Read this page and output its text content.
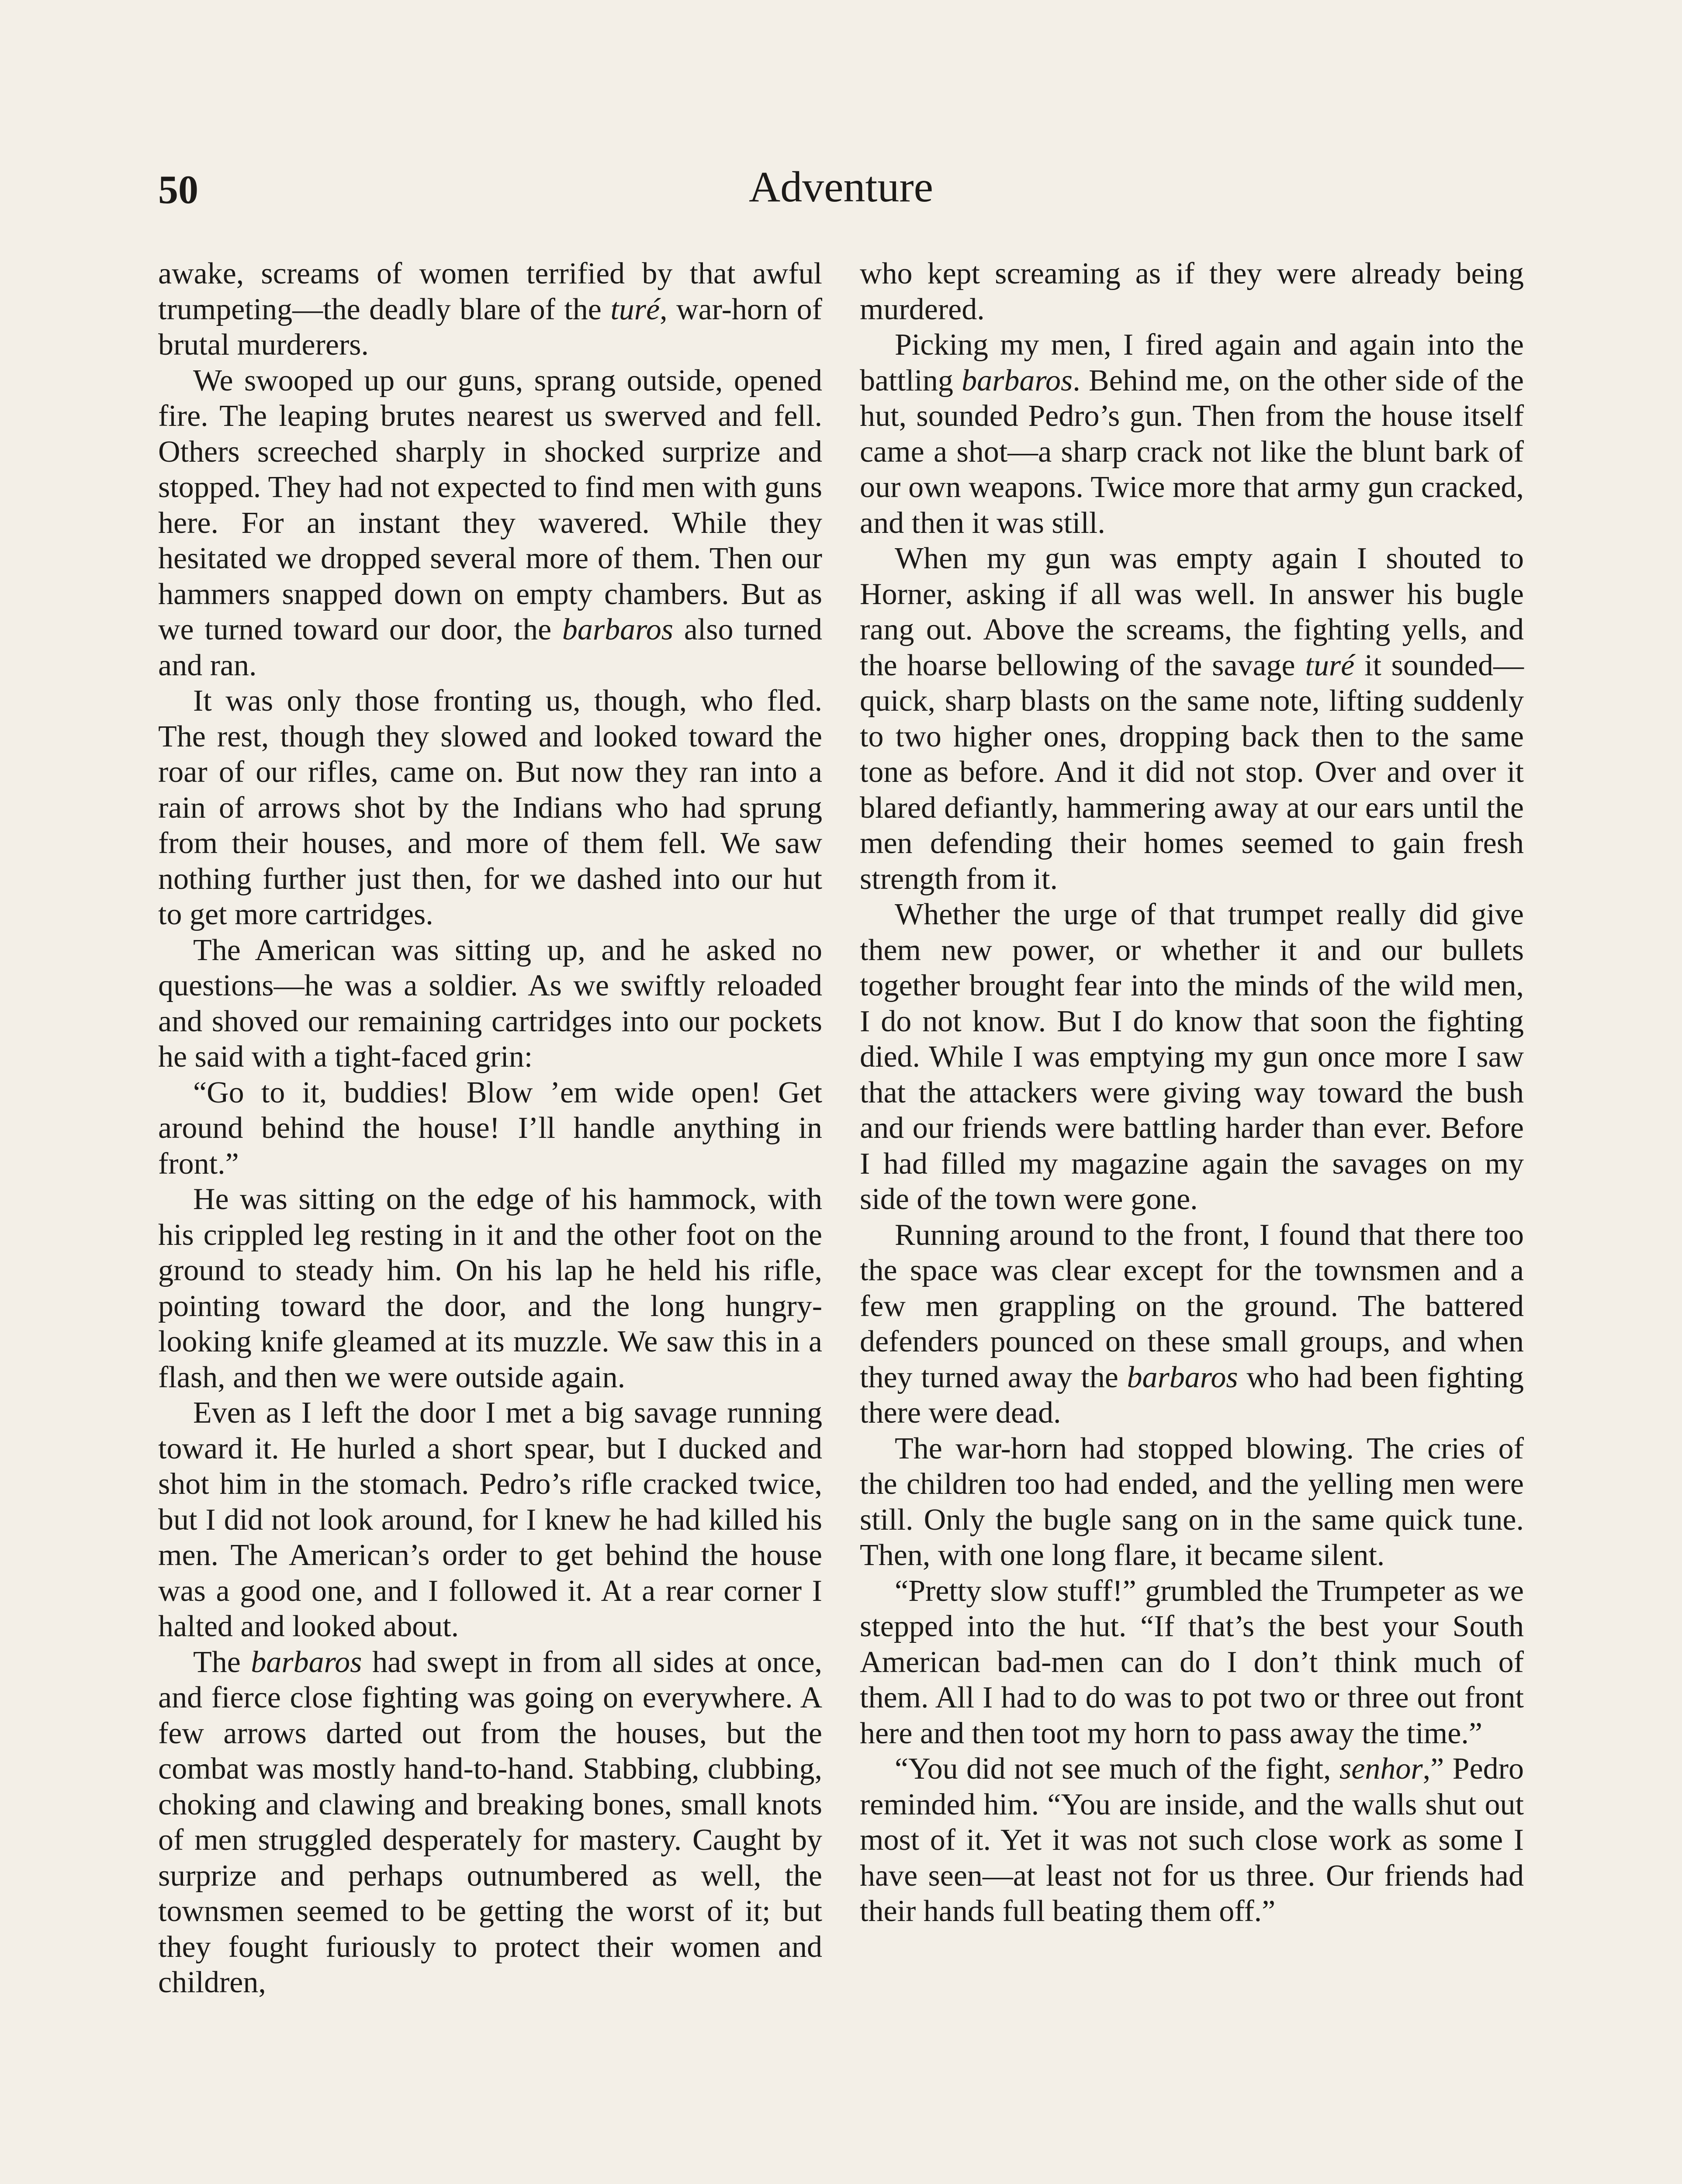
50	Adventure

awake, screams of women terrified by that awful trumpeting—the deadly blare of the turé, war-horn of brutal murderers.

We swooped up our guns, sprang outside, opened fire. The leaping brutes nearest us swerved and fell. Others screeched sharply in shocked surprize and stopped. They had not expected to find men with guns here. For an instant they wavered. While they hesitated we dropped several more of them. Then our hammers snapped down on empty chambers. But as we turned toward our door, the barbaros also turned and ran.

It was only those fronting us, though, who fled. The rest, though they slowed and looked toward the roar of our rifles, came on. But now they ran into a rain of arrows shot by the Indians who had sprung from their houses, and more of them fell. We saw nothing further just then, for we dashed into our hut to get more cartridges.

The American was sitting up, and he asked no questions—he was a soldier. As we swiftly reloaded and shoved our remaining cartridges into our pockets he said with a tight-faced grin:

“Go to it, buddies! Blow ’em wide open! Get around behind the house! I’ll handle anything in front.”

He was sitting on the edge of his hammock, with his crippled leg resting in it and the other foot on the ground to steady him. On his lap he held his rifle, pointing toward the door, and the long hungry-looking knife gleamed at its muzzle. We saw this in a flash, and then we were outside again.

Even as I left the door I met a big savage running toward it. He hurled a short spear, but I ducked and shot him in the stomach. Pedro’s rifle cracked twice, but I did not look around, for I knew he had killed his men. The American’s order to get behind the house was a good one, and I followed it. At a rear corner I halted and looked about.

The barbaros had swept in from all sides at once, and fierce close fighting was going on everywhere. A few arrows darted out from the houses, but the combat was mostly hand-to-hand. Stabbing, clubbing, choking and clawing and breaking bones, small knots of men struggled desperately for mastery. Caught by surprize and perhaps outnumbered as well, the townsmen seemed to be getting the worst of it; but they fought furiously to protect their women and children,

who kept screaming as if they were already being murdered.

Picking my men, I fired again and again into the battling barbaros. Behind me, on the other side of the hut, sounded Pedro’s gun. Then from the house itself came a shot—a sharp crack not like the blunt bark of our own weapons. Twice more that army gun cracked, and then it was still.

When my gun was empty again I shouted to Horner, asking if all was well. In answer his bugle rang out. Above the screams, the fighting yells, and the hoarse bellowing of the savage turé it sounded—quick, sharp blasts on the same note, lifting suddenly to two higher ones, dropping back then to the same tone as before. And it did not stop. Over and over it blared defiantly, hammering away at our ears until the men defending their homes seemed to gain fresh strength from it.

Whether the urge of that trumpet really did give them new power, or whether it and our bullets together brought fear into the minds of the wild men, I do not know. But I do know that soon the fighting died. While I was emptying my gun once more I saw that the attackers were giving way toward the bush and our friends were battling harder than ever. Before I had filled my magazine again the savages on my side of the town were gone.

Running around to the front, I found that there too the space was clear except for the townsmen and a few men grappling on the ground. The battered defenders pounced on these small groups, and when they turned away the barbaros who had been fighting there were dead.

The war-horn had stopped blowing. The cries of the children too had ended, and the yelling men were still. Only the bugle sang on in the same quick tune. Then, with one long flare, it became silent.

“Pretty slow stuff!” grumbled the Trumpeter as we stepped into the hut. “If that’s the best your South American bad-men can do I don’t think much of them. All I had to do was to pot two or three out front here and then toot my horn to pass away the time.”

“You did not see much of the fight, senhor,” Pedro reminded him. “You are inside, and the walls shut out most of it. Yet it was not such close work as some I have seen—at least not for us three. Our friends had their hands full beating them off.”
